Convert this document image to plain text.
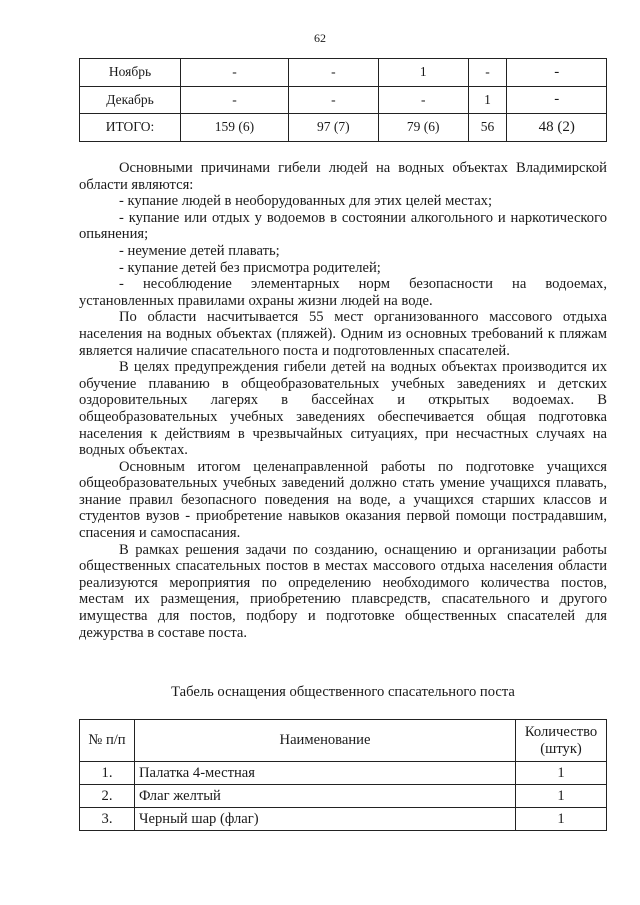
62
Ноябрь	-	-	1	-	-
Декабрь	-	-	-	1	-
ИТОГО:	159 (6)	97 (7)	79 (6)	56	48 (2)

Основными причинами гибели людей на водных объектах Владимирской области являются:

- купание людей в необорудованных для этих целей местах;

- купание или отдых у водоемов в состоянии алкогольного и наркотического опьянения;

- неумение детей плавать;

- купание детей без присмотра родителей;

- несоблюдение элементарных норм безопасности на водоемах, установленных правилами охраны жизни людей на воде.

По области насчитывается 55 мест организованного массового отдыха населения на водных объектах (пляжей). Одним из основных требований к пляжам является наличие спасательного поста и подготовленных спасателей.

В целях предупреждения гибели детей на водных объектах производится их обучение плаванию в общеобразовательных учебных заведениях и детских оздоровительных лагерях в бассейнах и открытых водоемах. В общеобразовательных учебных заведениях обеспечивается общая подготовка населения к действиям в чрезвычайных ситуациях, при несчастных случаях на водных объектах.

Основным итогом целенаправленной работы по подготовке учащихся общеобразовательных учебных заведений должно стать умение учащихся плавать, знание правил безопасного поведения на воде, а учащихся старших классов и студентов вузов - приобретение навыков оказания первой помощи пострадавшим, спасения и самоспасания.

В рамках решения задачи по созданию, оснащению и организации работы общественных спасательных постов в местах массового отдыха населения области реализуются мероприятия по определению необходимого количества постов, местам их размещения, приобретению плавсредств, спасательного и другого имущества для постов, подбору и подготовке общественных спасателей для дежурства в составе поста.

Табель оснащения общественного спасательного поста
№ п/п	Наименование	Количество (штук)
1.	Палатка 4-местная	1
2.	Флаг желтый	1
3.	Черный шар (флаг)	1
